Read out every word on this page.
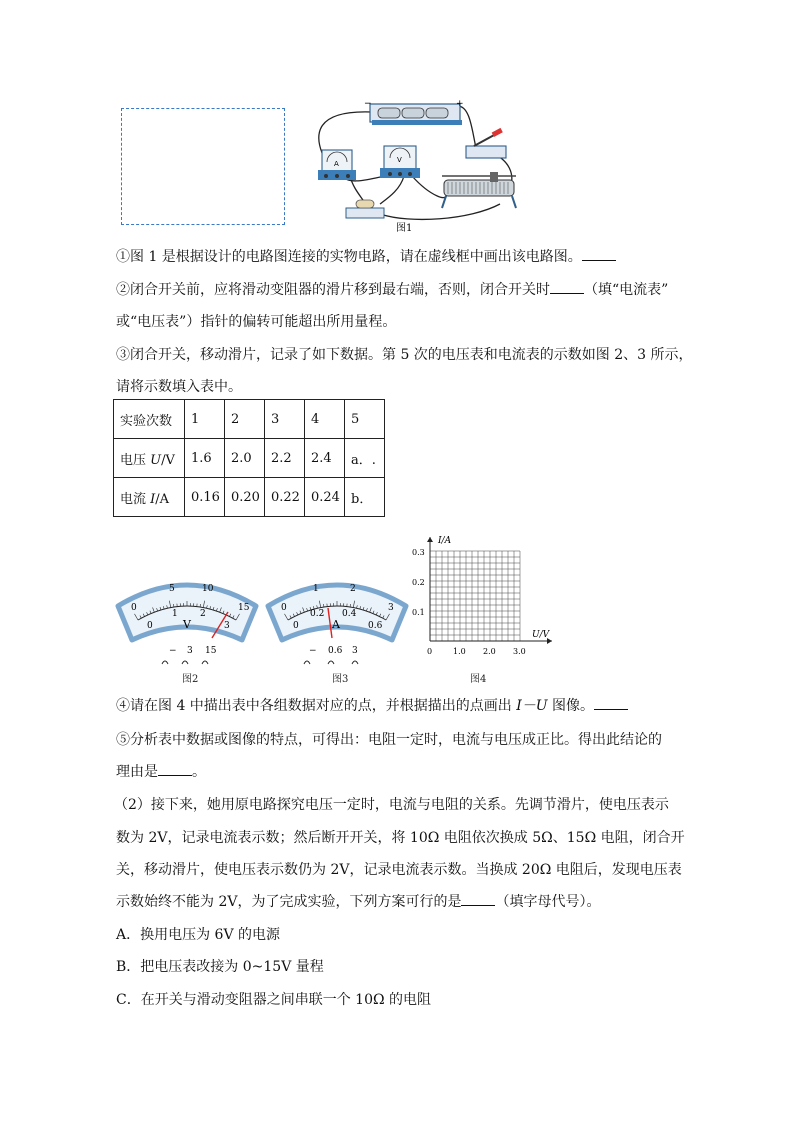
−	+
A	V
图1
①图 1 是根据设计的电路图连接的实物电路，请在虚线框中画出该电路图。
②闭合开关前，应将滑动变阻器的滑片移到最右端，否则，闭合开关时 （填“电流表”
或“电压表”）指针的偏转可能超出所用量程。
③闭合开关，移动滑片，记录了如下数据。第 5 次的电压表和电流表的示数如图 2、3 所示，
请将示数填入表中。
实验次数	1	2	3	4	5
电压 U/V	1.6	2.0	2.2	2.4	a．.
电流 I/A	0.16	0.20	0.22	0.24	b．
0
5	10
15
0
1 2
3
V
− 3 15
图2
0
1	2
3
0
0.2 0.4
0.6
A
− 0.6 3
图3
I/A
U/V
0.3
0.2
0.1
0	1.0 2.0 3.0
图4
④请在图 4 中描出表中各组数据对应的点，并根据描出的点画出 I－U 图像。
⑤分析表中数据或图像的特点，可得出：电阻一定时，电流与电压成正比。得出此结论的
理由是 。
（2）接下来，她用原电路探究电压一定时，电流与电阻的关系。先调节滑片，使电压表示
数为 2V，记录电流表示数；然后断开开关，将 10Ω 电阻依次换成 5Ω、15Ω 电阻，闭合开
关，移动滑片，使电压表示数仍为 2V，记录电流表示数。当换成 20Ω 电阻后，发现电压表
示数始终不能为 2V，为了完成实验，下列方案可行的是 （填字母代号）。
A．换用电压为 6V 的电源
B．把电压表改接为 0~15V 量程
C．在开关与滑动变阻器之间串联一个 10Ω 的电阻
